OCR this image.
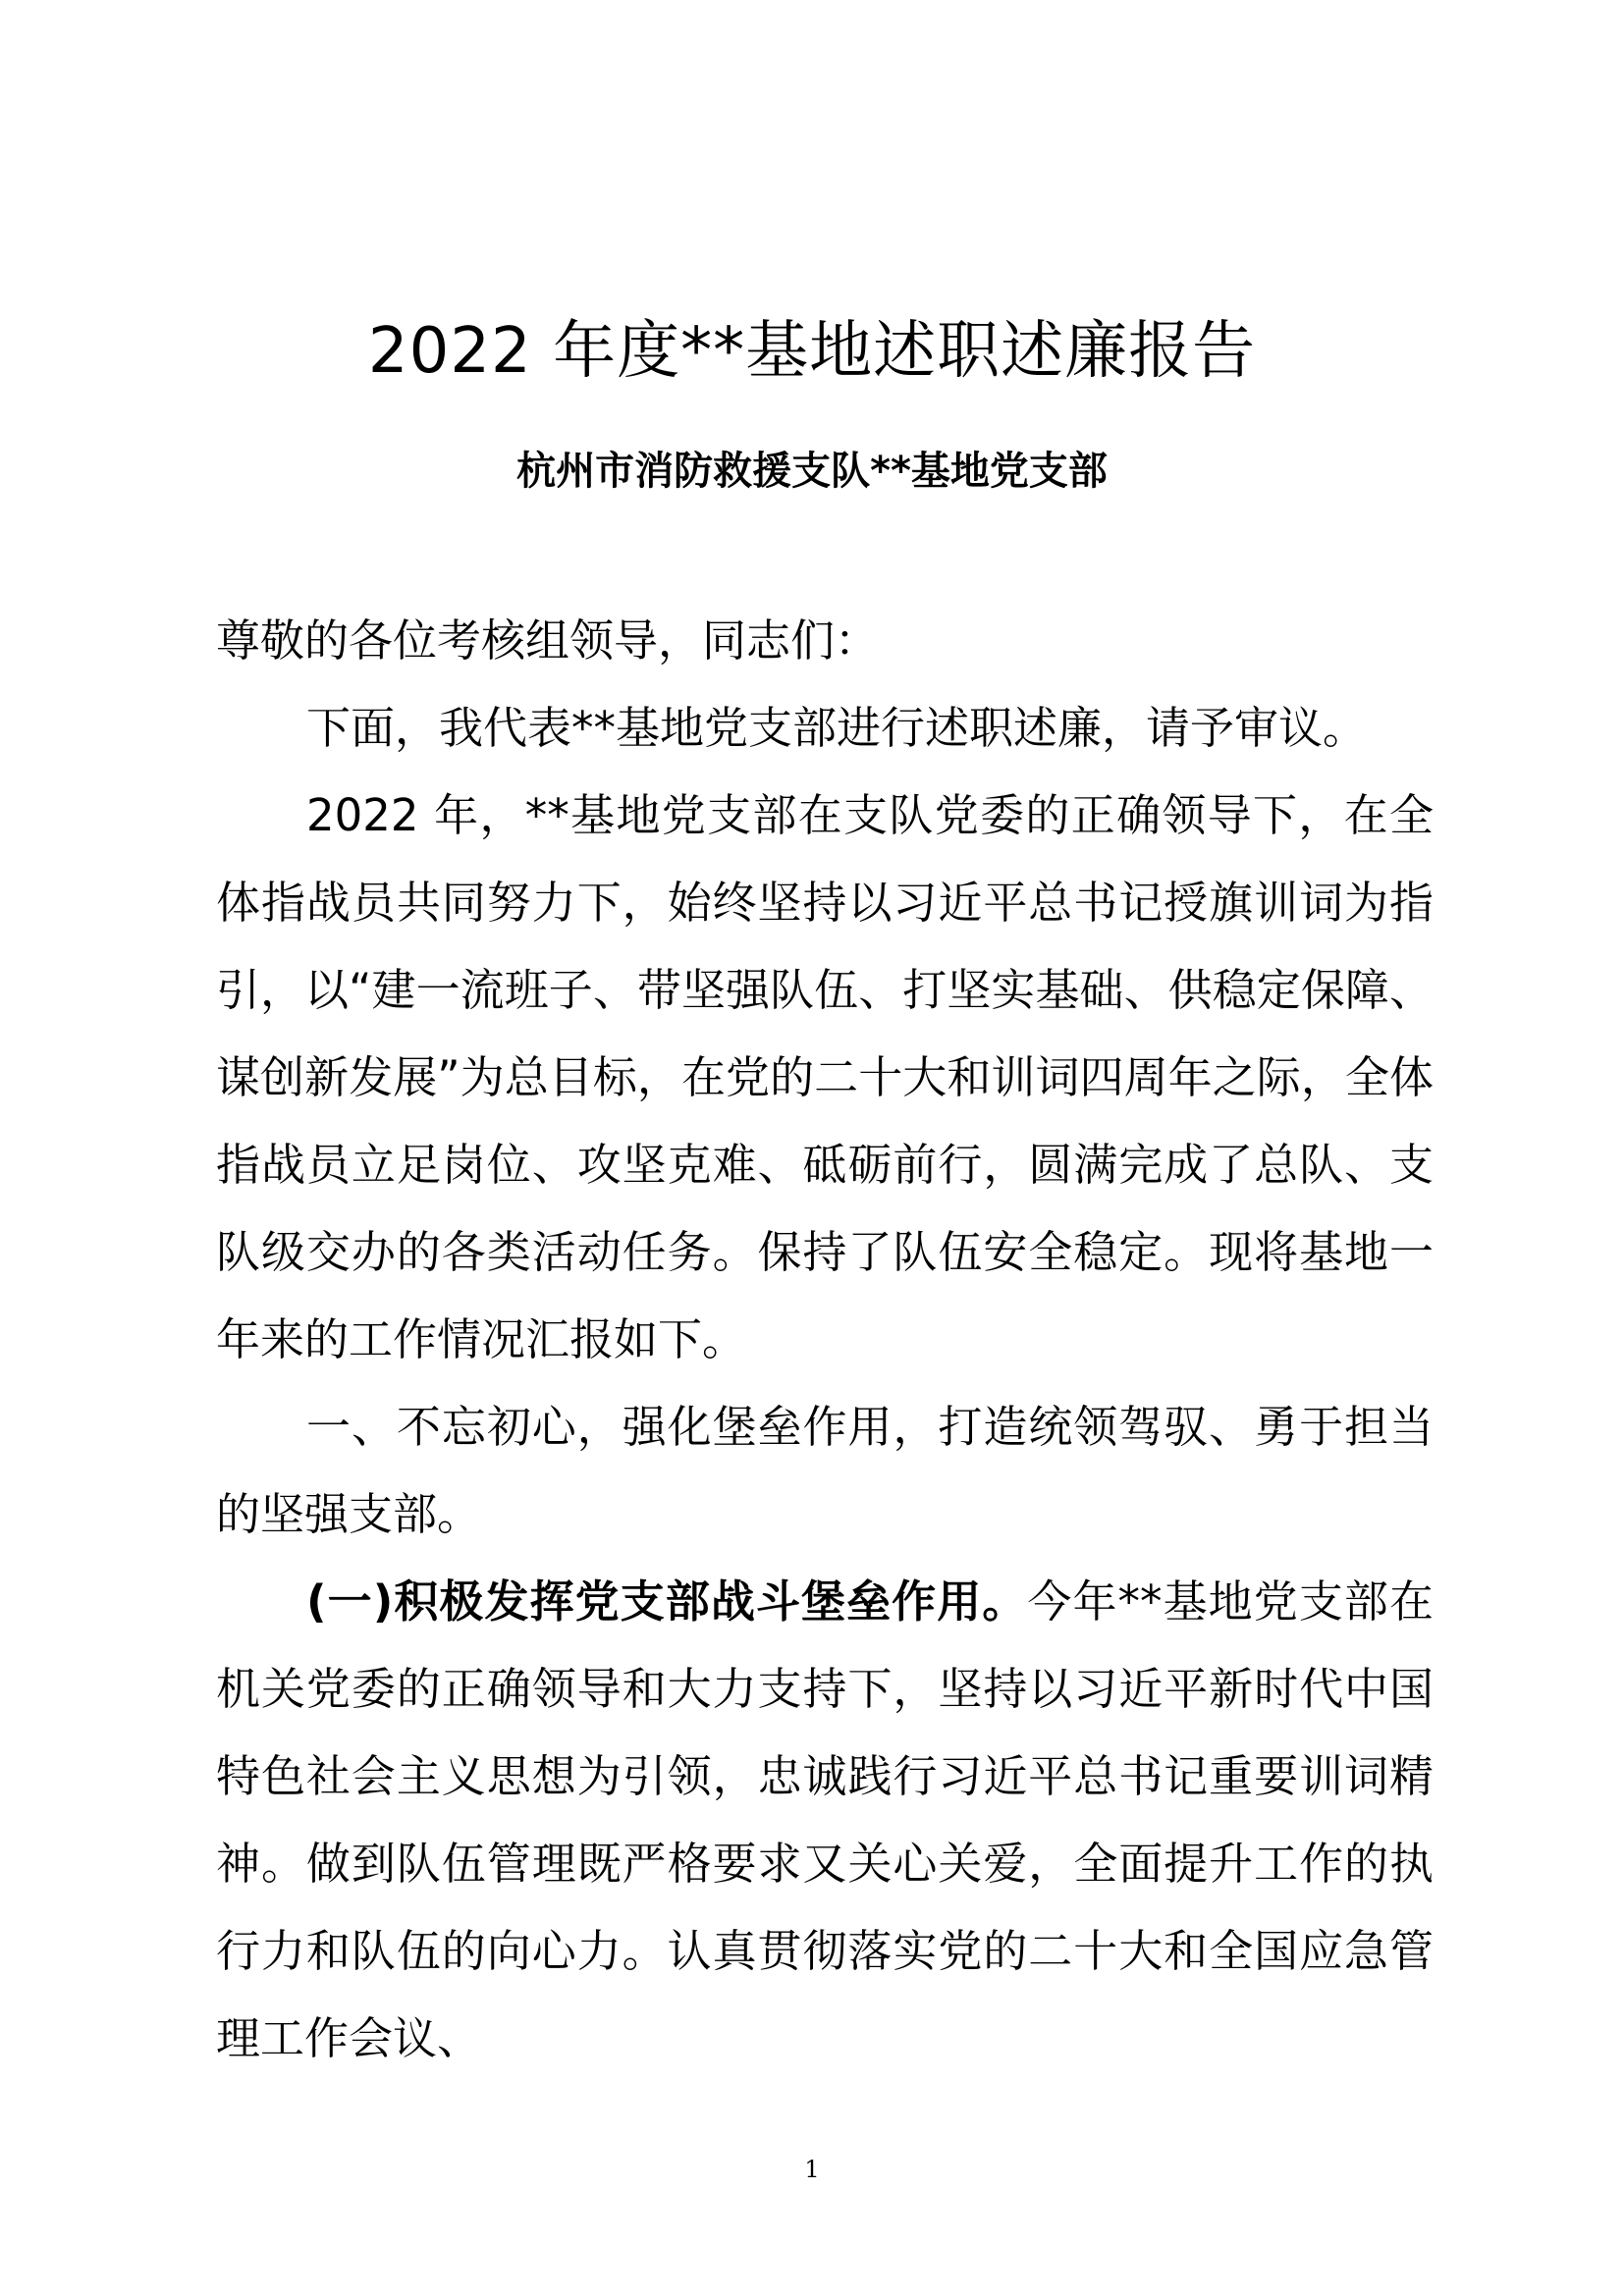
2022 年度**基地述职述廉报告
杭州市消防救援支队**基地党支部

尊敬的各位考核组领导，同志们：

下面，我代表**基地党支部进行述职述廉，请予审议。

2022 年，**基地党支部在支队党委的正确领导下，在全体指战员共同努力下，始终坚持以习近平总书记授旗训词为指引，以“建一流班子、带坚强队伍、打坚实基础、供稳定保障、谋创新发展”为总目标，在党的二十大和训词四周年之际，全体指战员立足岗位、攻坚克难、砥砺前行，圆满完成了总队、支队级交办的各类活动任务。保持了队伍安全稳定。现将基地一年来的工作情况汇报如下。

一、不忘初心，强化堡垒作用，打造统领驾驭、勇于担当的坚强支部。

(一)积极发挥党支部战斗堡垒作用。今年**基地党支部在机关党委的正确领导和大力支持下，坚持以习近平新时代中国特色社会主义思想为引领，忠诚践行习近平总书记重要训词精神。做到队伍管理既严格要求又关心关爱，全面提升工作的执行力和队伍的向心力。认真贯彻落实党的二十大和全国应急管理工作会议、

1
